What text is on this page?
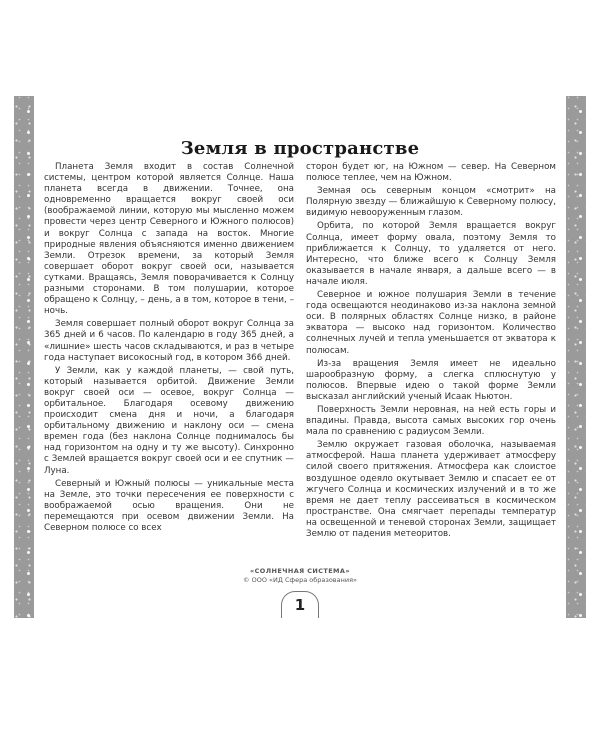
Земля в пространстве

Планета Земля входит в состав Солнечной системы, центром которой является Солнце. Наша планета всегда в движении. Точнее, она одновременно вращается вокруг своей оси (воображаемой линии, которую мы мысленно можем провести через центр Северного и Южного полюсов) и вокруг Солнца с запада на восток. Многие природные явления объясняются именно движением Земли. Отрезок времени, за который Земля совершает оборот вокруг своей оси, называется сутками. Вращаясь, Земля поворачивается к Солнцу разными сторонами. В том полушарии, которое обращено к Солнцу, – день, а в том, которое в тени, – ночь.

Земля совершает полный оборот вокруг Солнца за 365 дней и 6 часов. По календарю в году 365 дней, а «лишние» шесть часов складываются, и раз в четыре года наступает високосный год, в котором 366 дней.

У Земли, как у каждой планеты, — свой путь, который называется орбитой. Движение Земли вокруг своей оси — осевое, вокруг Солнца — орбитальное. Благодаря осевому движению происходит смена дня и ночи, а благодаря орбитальному движению и наклону оси — смена времен года (без наклона Солнце поднималось бы над горизонтом на одну и ту же высоту). Синхронно с Землей вращается вокруг своей оси и ее спутник — Луна.

Северный и Южный полюсы — уникальные места на Земле, это точки пересечения ее поверхности с воображаемой осью вращения. Они не перемещаются при осевом движении Земли. На Северном полюсе со всех

сторон будет юг, на Южном — север. На Северном полюсе теплее, чем на Южном.

Земная ось северным концом «смотрит» на Полярную звезду — ближайшую к Северному полюсу, видимую невооруженным глазом.

Орбита, по которой Земля вращается вокруг Солнца, имеет форму овала, поэтому Земля то приближается к Солнцу, то удаляется от него. Интересно, что ближе всего к Солнцу Земля оказывается в начале января, а дальше всего — в начале июля.

Северное и южное полушария Земли в течение года освещаются неодинаково из-за наклона земной оси. В полярных областях Солнце низко, в районе экватора — высоко над горизонтом. Количество солнечных лучей и тепла уменьшается от экватора к полюсам.

Из-за вращения Земля имеет не идеально шарообразную форму, а слегка сплюснутую у полюсов. Впервые идею о такой форме Земли высказал английский ученый Исаак Ньютон.

Поверхность Земли неровная, на ней есть горы и впадины. Правда, высота самых высоких гор очень мала по сравнению с радиусом Земли.

Землю окружает газовая оболочка, называемая атмосферой. Наша планета удерживает атмосферу силой своего притяжения. Атмосфера как слоистое воздушное одеяло окутывает Землю и спасает ее от жгучего Солнца и космических излучений и в то же время не дает теплу рассеиваться в космическом пространстве. Она смягчает перепады температур на освещенной и теневой сторонах Земли, защищает Землю от падения метеоритов.

«СОЛНЕЧНАЯ СИСТЕМА»
© ООО «ИД Сфера образования»
1
